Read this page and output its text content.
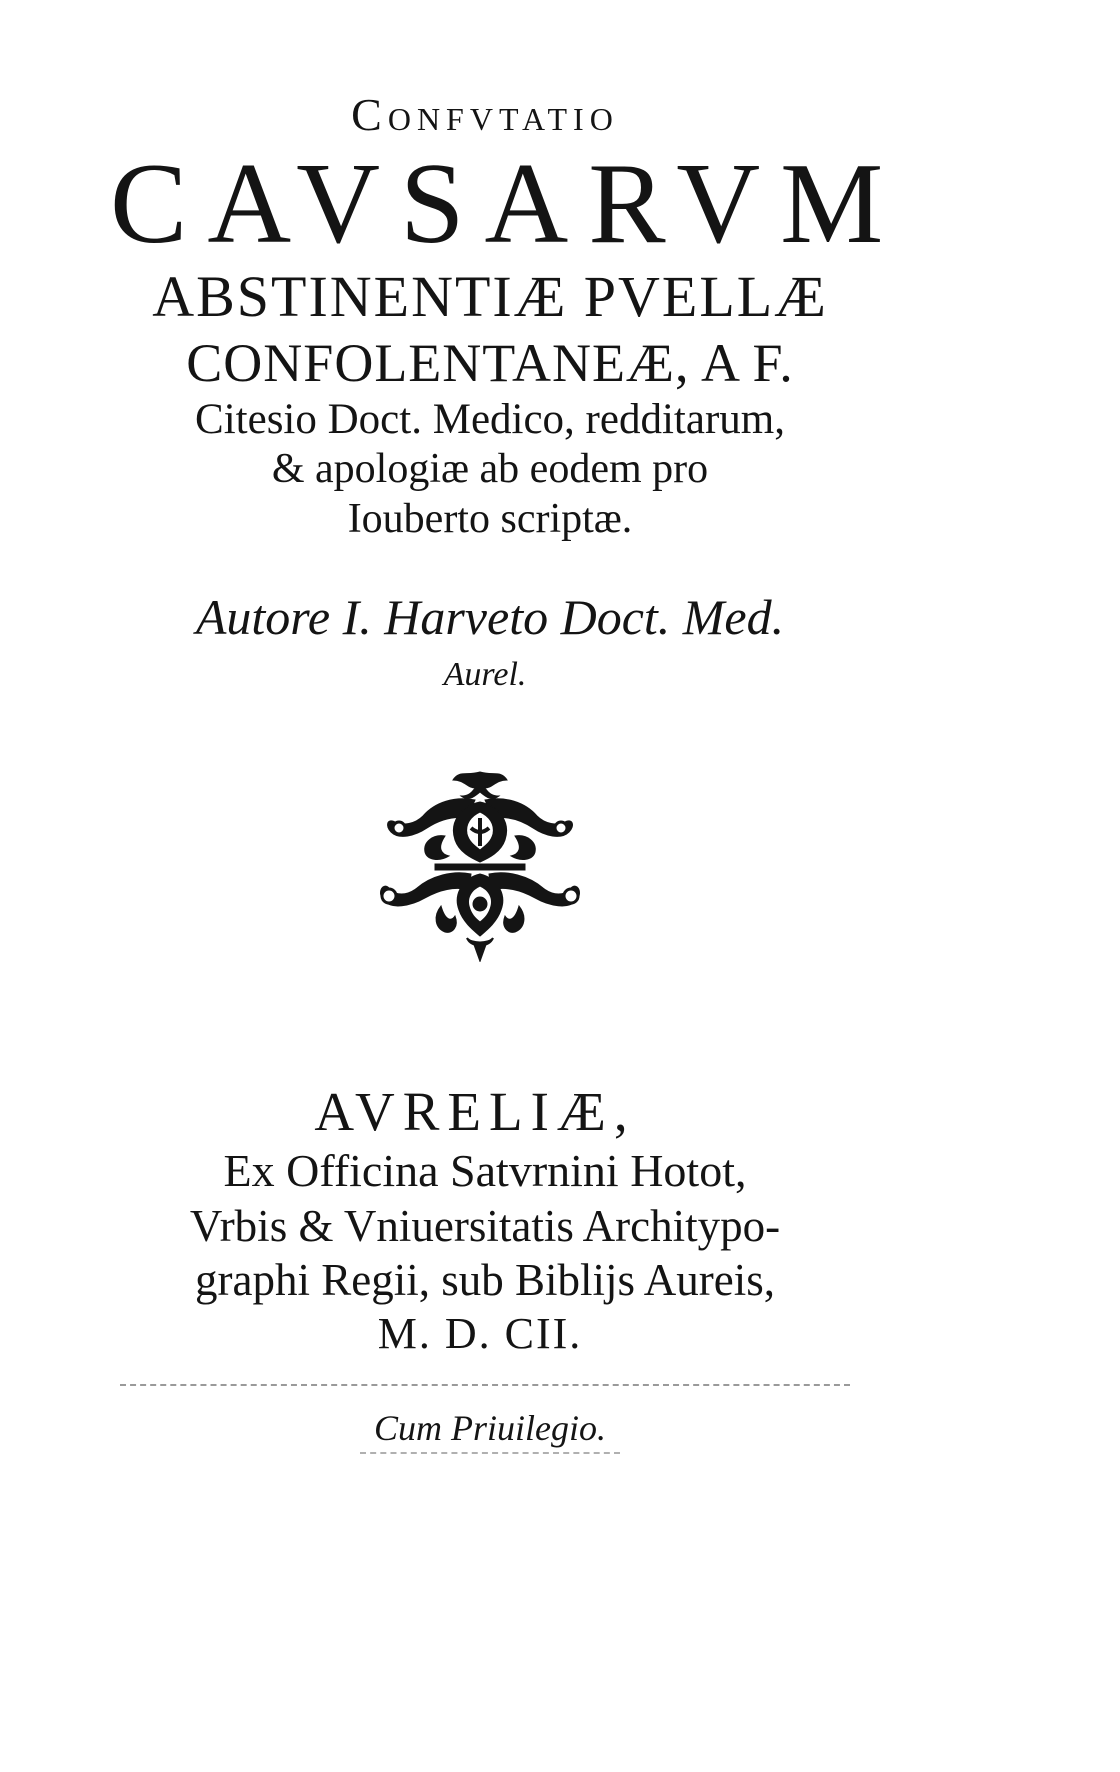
Confvtatio
CAVSARVM
ABSTINENTIÆ PVELLÆ
CONFOLENTANEÆ, A F.
Citesio Doct. Medico, redditarum,
& apologiæ ab eodem pro
Iouberto scriptæ.
Autore I. Harveto Doct. Med.
Aurel.
AVRELIÆ,
Ex Officina Satvrnini Hotot,
Vrbis & Vniuersitatis Architypo-
graphi Regii, sub Biblijs Aureis,
M. D. CII.
Cum Priuilegio.
